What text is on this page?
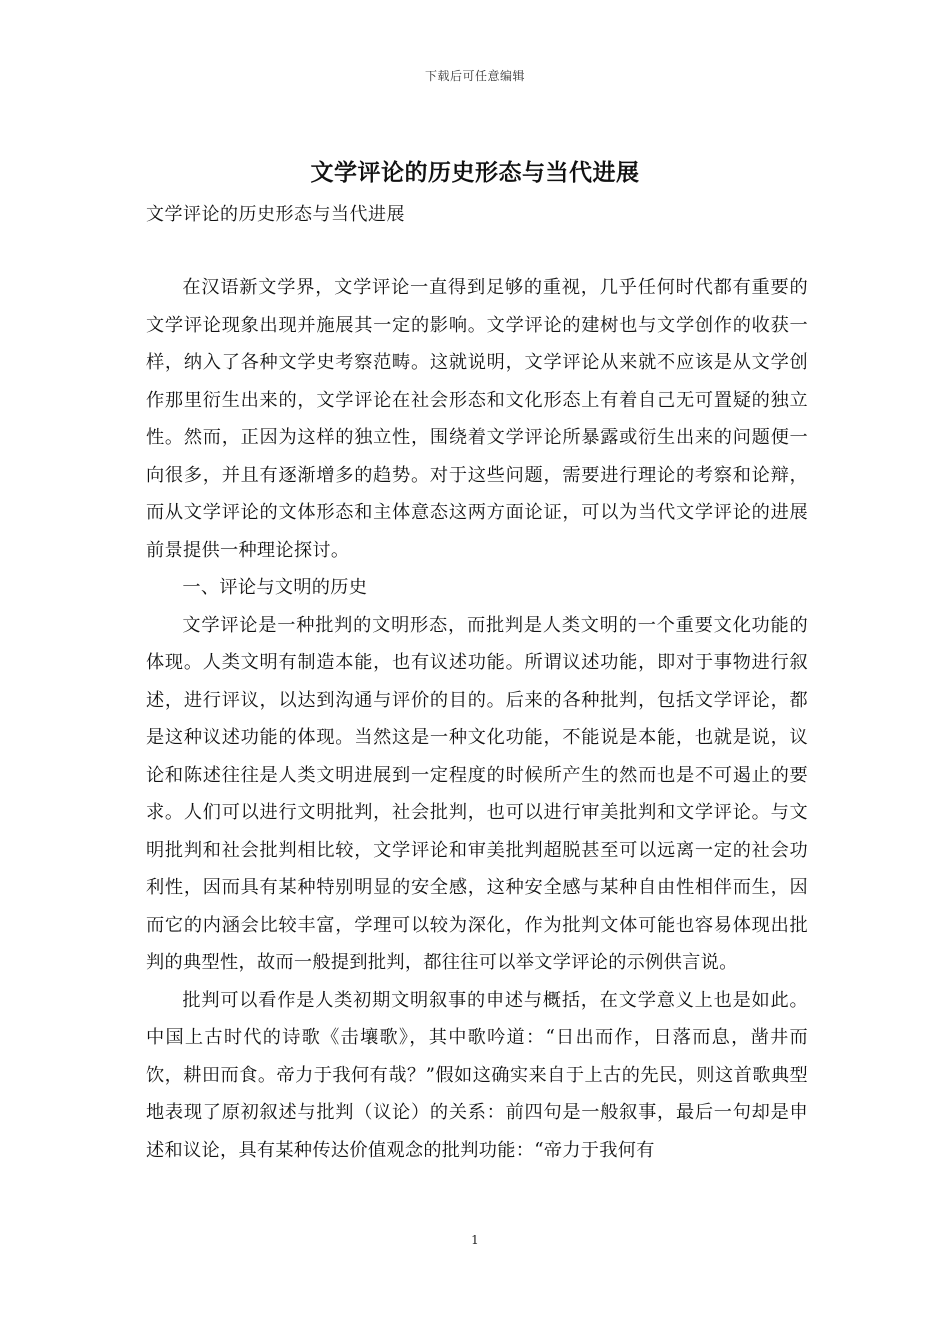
下载后可任意编辑
文学评论的历史形态与当代进展
文学评论的历史形态与当代进展

在汉语新文学界，文学评论一直得到足够的重视，几乎任何时代都有重要的文学评论现象出现并施展其一定的影响。文学评论的建树也与文学创作的收获一样，纳入了各种文学史考察范畴。这就说明，文学评论从来就不应该是从文学创作那里衍生出来的，文学评论在社会形态和文化形态上有着自己无可置疑的独立性。然而，正因为这样的独立性，围绕着文学评论所暴露或衍生出来的问题便一向很多，并且有逐渐增多的趋势。对于这些问题，需要进行理论的考察和论辩，而从文学评论的文体形态和主体意态这两方面论证，可以为当代文学评论的进展前景提供一种理论探讨。

一、评论与文明的历史

文学评论是一种批判的文明形态，而批判是人类文明的一个重要文化功能的体现。人类文明有制造本能，也有议述功能。所谓议述功能，即对于事物进行叙述，进行评议，以达到沟通与评价的目的。后来的各种批判，包括文学评论，都是这种议述功能的体现。当然这是一种文化功能，不能说是本能，也就是说，议论和陈述往往是人类文明进展到一定程度的时候所产生的然而也是不可遏止的要求。人们可以进行文明批判，社会批判，也可以进行审美批判和文学评论。与文明批判和社会批判相比较，文学评论和审美批判超脱甚至可以远离一定的社会功利性，因而具有某种特别明显的安全感，这种安全感与某种自由性相伴而生，因而它的内涵会比较丰富，学理可以较为深化，作为批判文体可能也容易体现出批判的典型性，故而一般提到批判，都往往可以举文学评论的示例供言说。

批判可以看作是人类初期文明叙事的申述与概括，在文学意义上也是如此。中国上古时代的诗歌《击壤歌》，其中歌吟道：“日出而作，日落而息，凿井而饮，耕田而食。帝力于我何有哉？”假如这确实来自于上古的先民，则这首歌典型地表现了原初叙述与批判（议论）的关系：前四句是一般叙事，最后一句却是申述和议论，具有某种传达价值观念的批判功能：“帝力于我何有

1
